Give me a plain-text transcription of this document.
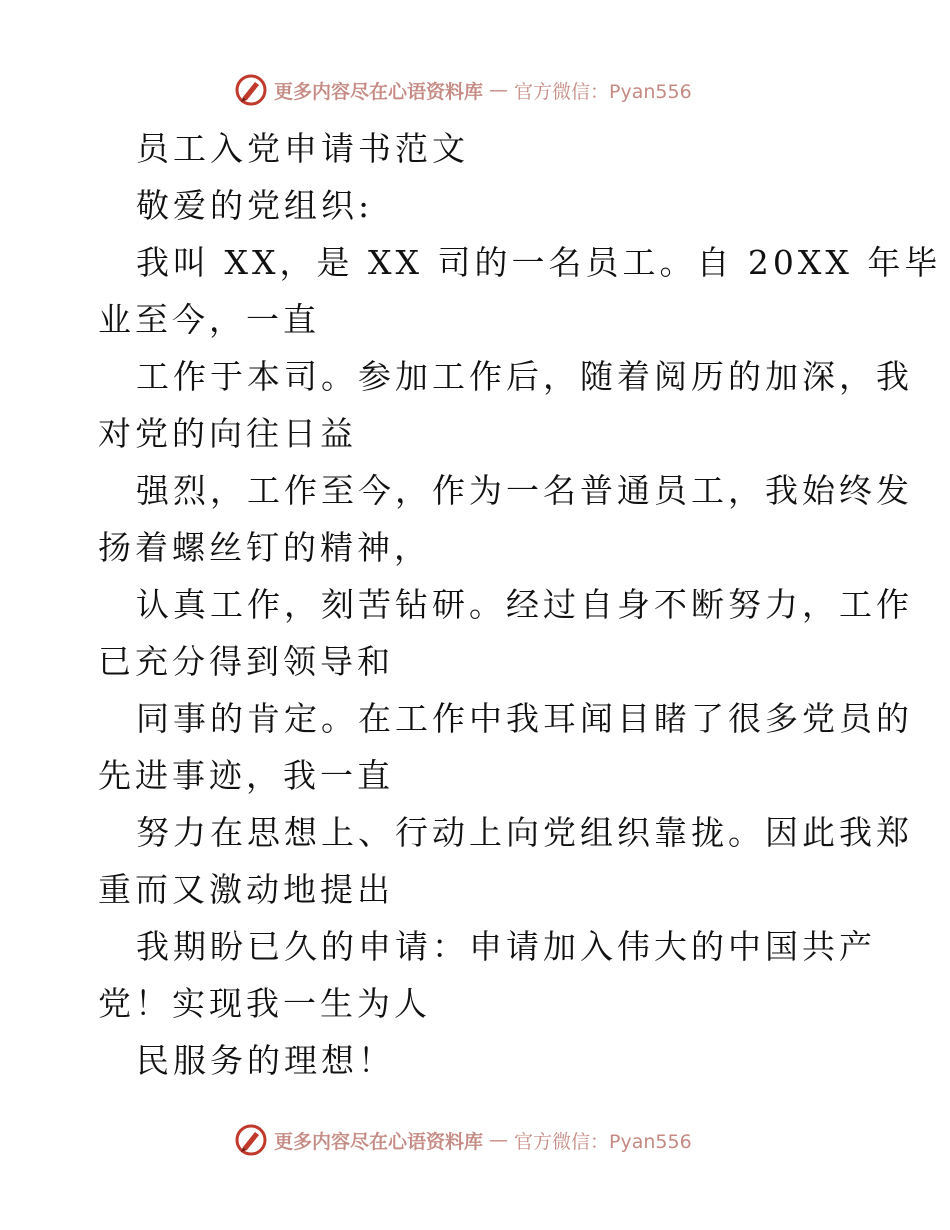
更多内容尽在心语资料库 — 官方微信：Pyan556
员工入党申请书范文
敬爱的党组织:
我叫 XX，是 XX 司的一名员工。自 20XX 年毕
业至今，一直
工作于本司。参加工作后，随着阅历的加深，我
对党的向往日益
强烈，工作至今，作为一名普通员工，我始终发
扬着螺丝钉的精神，
认真工作，刻苦钻研。经过自身不断努力，工作
已充分得到领导和
同事的肯定。在工作中我耳闻目睹了很多党员的
先进事迹，我一直
努力在思想上、行动上向党组织靠拢。因此我郑
重而又激动地提出
我期盼已久的申请：申请加入伟大的中国共产
党！实现我一生为人
民服务的理想！
更多内容尽在心语资料库 — 官方微信：Pyan556
